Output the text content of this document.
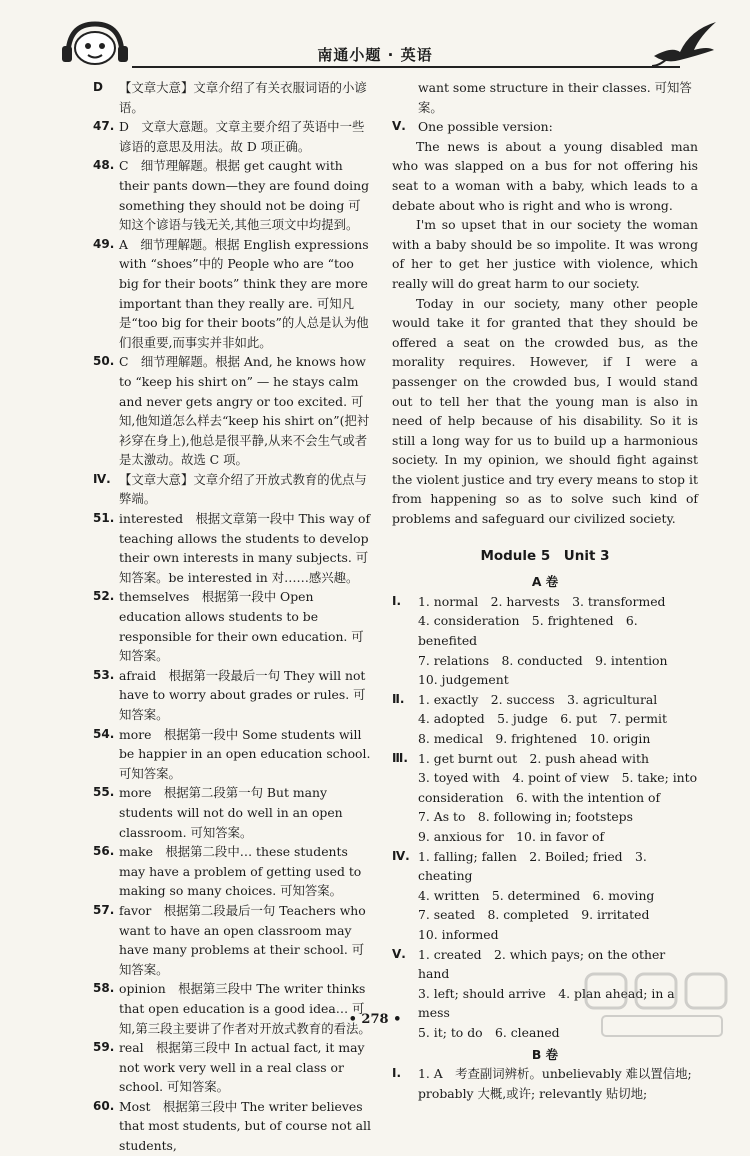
南通小题 · 英语

D 【文章大意】文章介绍了有关衣服词语的小谚语。

47. D　文章大意题。文章主要介绍了英语中一些谚语的意思及用法。故 D 项正确。

48. C　细节理解题。根据 get caught with their pants down—they are found doing something they should not be doing 可知这个谚语与钱无关,其他三项文中均提到。

49. A　细节理解题。根据 English expressions with “shoes”中的 People who are “too big for their boots” think they are more important than they really are. 可知凡是“too big for their boots”的人总是认为他们很重要,而事实并非如此。

50. C　细节理解题。根据 And, he knows how to “keep his shirt on” — he stays calm and never gets angry or too excited. 可知,他知道怎么样去“keep his shirt on”(把衬衫穿在身上),他总是很平静,从来不会生气或者是太激动。故选 C 项。

Ⅳ. 【文章大意】文章介绍了开放式教育的优点与弊端。

51. interested　根据文章第一段中 This way of teaching allows the students to develop their own interests in many subjects. 可知答案。be interested in 对……感兴趣。

52. themselves　根据第一段中 Open education allows students to be responsible for their own education. 可知答案。

53. afraid　根据第一段最后一句 They will not have to worry about grades or rules. 可知答案。

54. more　根据第一段中 Some students will be happier in an open education school. 可知答案。

55. more　根据第二段第一句 But many students will not do well in an open classroom. 可知答案。

56. make　根据第二段中… these students may have a problem of getting used to making so many choices. 可知答案。

57. favor　根据第二段最后一句 Teachers who want to have an open classroom may have many problems at their school. 可知答案。

58. opinion　根据第三段中 The writer thinks that open education is a good idea… 可知,第三段主要讲了作者对开放式教育的看法。

59. real　根据第三段中 In actual fact, it may not work very well in a real class or school. 可知答案。

60. Most　根据第三段中 The writer believes that most students, but of course not all students,

want some structure in their classes. 可知答案。

Ⅴ. One possible version:

The news is about a young disabled man who was slapped on a bus for not offering his seat to a woman with a baby, which leads to a debate about who is right and who is wrong.

I'm so upset that in our society the woman with a baby should be so impolite. It was wrong of her to get her justice with violence, which really will do great harm to our society.

Today in our society, many other people would take it for granted that they should be offered a seat on the crowded bus, as the morality requires. However, if I were a passenger on the crowded bus, I would stand out to tell her that the young man is also in need of help because of his disability. So it is still a long way for us to build up a harmonious society. In my opinion, we should fight against the violent justice and try every means to stop it from happening so as to solve such kind of problems and safeguard our civilized society.

Module 5　Unit 3
A 卷
Ⅰ. 1. normal　2. harvests　3. transformed
4. consideration　5. frightened　6. benefited
7. relations　8. conducted　9. intention
10. judgement
Ⅱ. 1. exactly　2. success　3. agricultural
4. adopted　5. judge　6. put　7. permit
8. medical　9. frightened　10. origin
Ⅲ. 1. get burnt out　2. push ahead with
3. toyed with　4. point of view　5. take; into consideration　6. with the intention of
7. As to　8. following in; footsteps
9. anxious for　10. in favor of
Ⅳ. 1. falling; fallen　2. Boiled; fried　3. cheating
4. written　5. determined　6. moving
7. seated　8. completed　9. irritated
10. informed
Ⅴ. 1. created　2. which pays; on the other hand
3. left; should arrive　4. plan ahead; in a mess
5. it; to do　6. cleaned
B 卷
Ⅰ. 1. A　考查副词辨析。unbelievably 难以置信地; probably 大概,或许; relevantly 贴切地;
• 278 •
